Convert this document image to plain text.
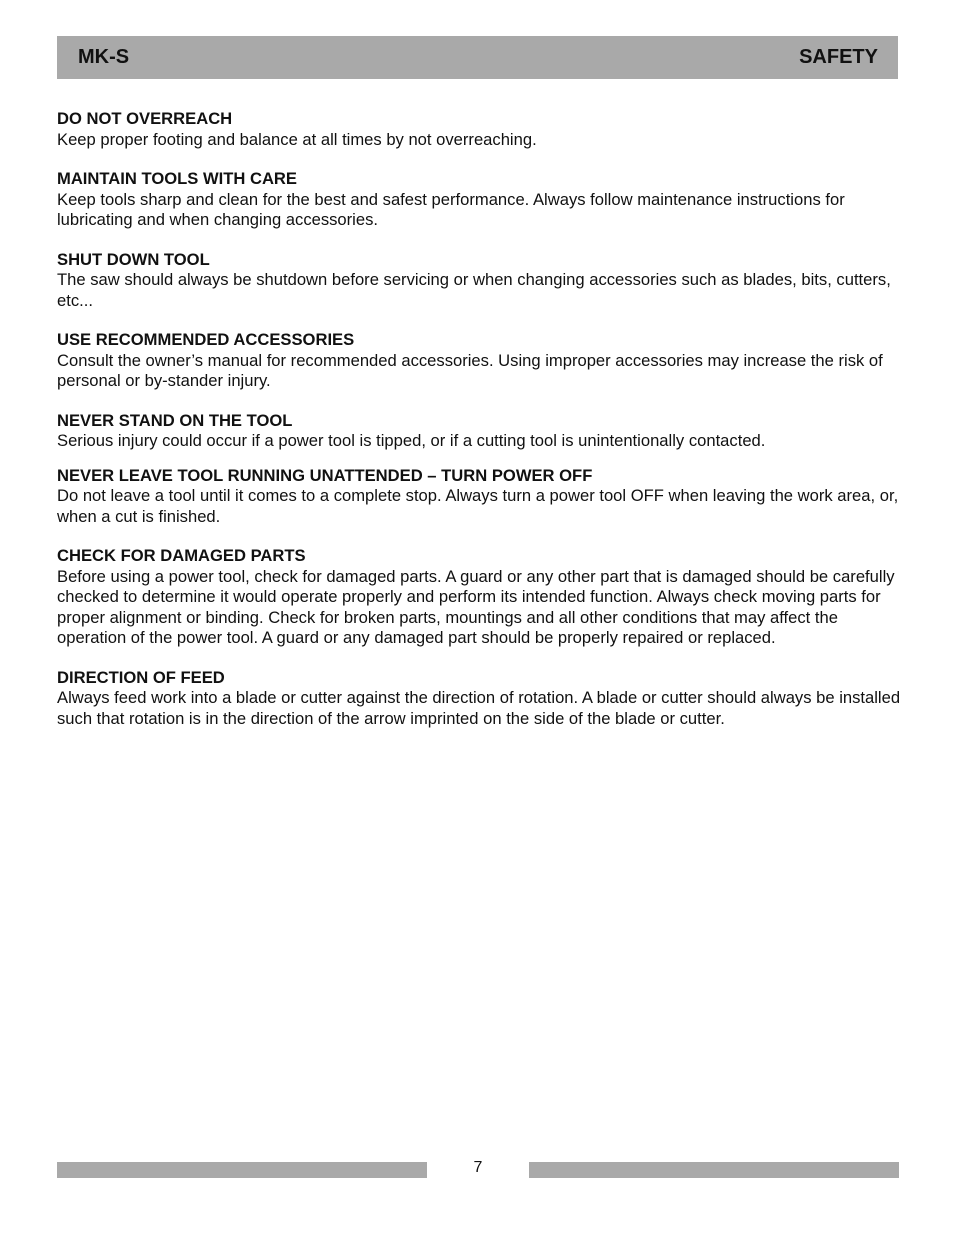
MK-S	SAFETY

DO NOT OVERREACH

Keep proper footing and balance at all times by not overreaching.

MAINTAIN TOOLS WITH CARE

Keep tools sharp and clean for the best and safest performance. Always follow maintenance instructions for lubricating and when changing accessories.

SHUT DOWN TOOL

The saw should always be shutdown before servicing or when changing accessories such as blades, bits, cutters, etc...

USE RECOMMENDED ACCESSORIES

Consult the owner’s manual for recommended accessories. Using improper accessories may increase the risk of personal or by-stander injury.

NEVER STAND ON THE TOOL

Serious injury could occur if a power tool is tipped, or if a cutting tool is unintentionally contacted.

NEVER LEAVE TOOL RUNNING UNATTENDED – TURN POWER OFF

Do not leave a tool until it comes to a complete stop. Always turn a power tool OFF when leaving the work area, or, when a cut is finished.

CHECK FOR DAMAGED PARTS

Before using a power tool, check for damaged parts. A guard or any other part that is damaged should be carefully checked to determine it would operate properly and perform its intended function. Always check moving parts for proper alignment or binding. Check for broken parts, mountings and all other conditions that may affect the operation of the power tool. A guard or any damaged part should be properly repaired or replaced.

DIRECTION OF FEED

Always feed work into a blade or cutter against the direction of rotation. A blade or cutter should always be installed such that rotation is in the direction of the arrow imprinted on the side of the blade or cutter.

7
